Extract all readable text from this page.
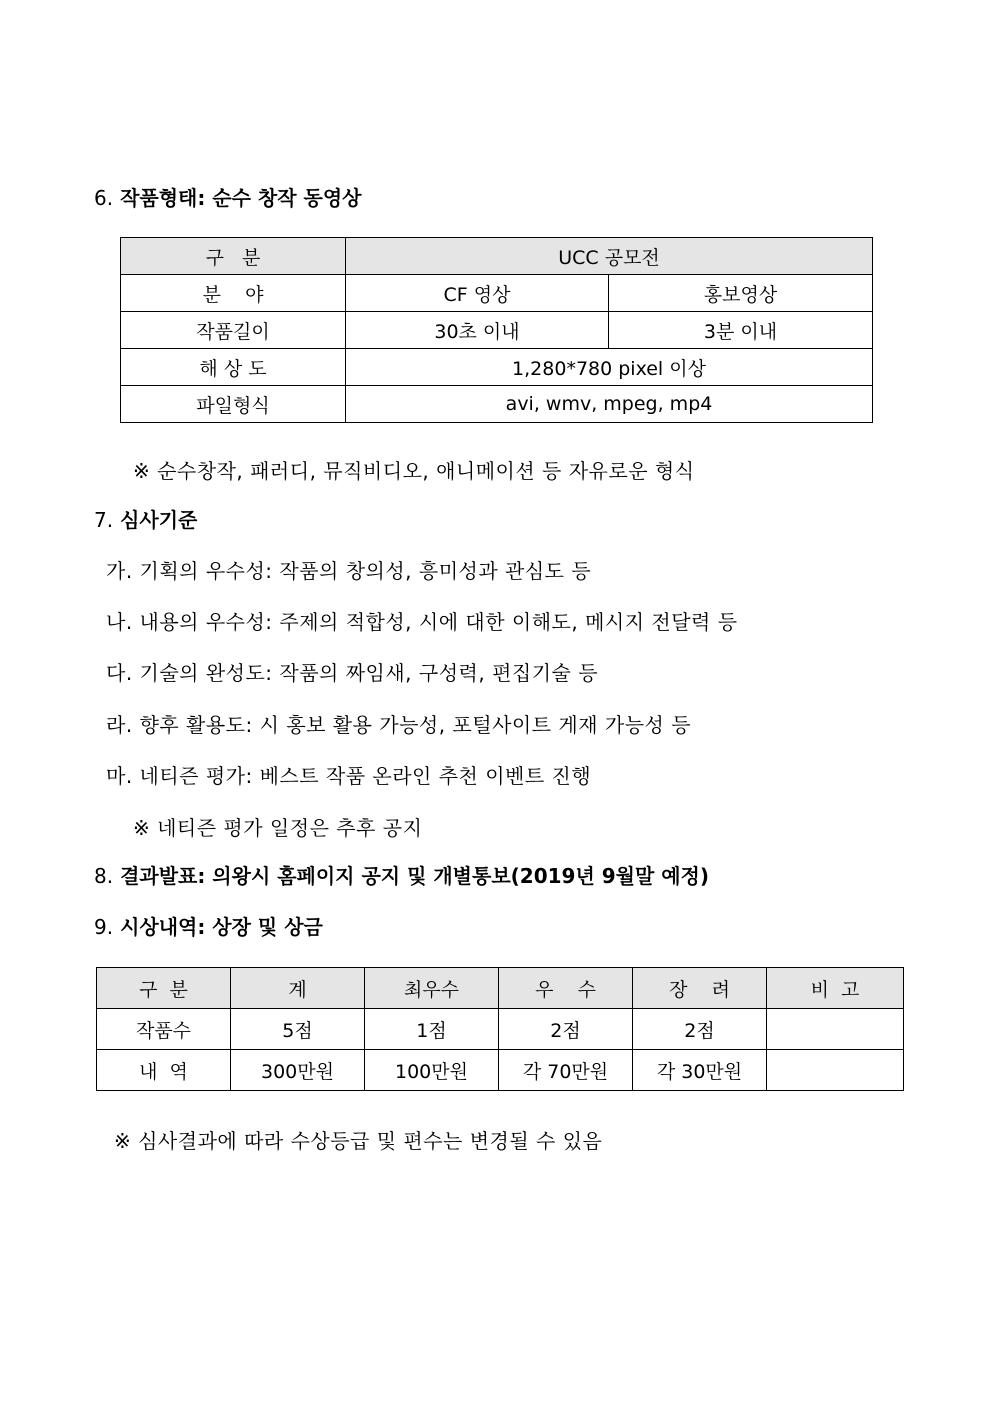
6. 작품형태: 순수 창작 동영상
구   분	UCC 공모전	
분    야	CF 영상	홍보영상
작품길이	30초 이내	3분 이내
해 상 도	1,280*780 pixel 이상	
파일형식	avi, wmv, mpeg, mp4	
※ 순수창작, 패러디, 뮤직비디오, 애니메이션 등 자유로운 형식
7. 심사기준
가. 기획의 우수성: 작품의 창의성, 흥미성과 관심도 등
나. 내용의 우수성: 주제의 적합성, 시에 대한 이해도, 메시지 전달력 등
다. 기술의 완성도: 작품의 짜임새, 구성력, 편집기술 등
라. 향후 활용도: 시 홍보 활용 가능성, 포털사이트 게재 가능성 등
마. 네티즌 평가: 베스트 작품 온라인 추천 이벤트 진행
※ 네티즌 평가 일정은 추후 공지
8. 결과발표: 의왕시 홈페이지 공지 및 개별통보(2019년 9월말 예정)
9. 시상내역: 상장 및 상금
구  분	계	최우수	우    수	장    려	비  고
작품수	5점	1점	2점	2점	
내  역	300만원	100만원	각 70만원	각 30만원	
※ 심사결과에 따라 수상등급 및 편수는 변경될 수 있음
